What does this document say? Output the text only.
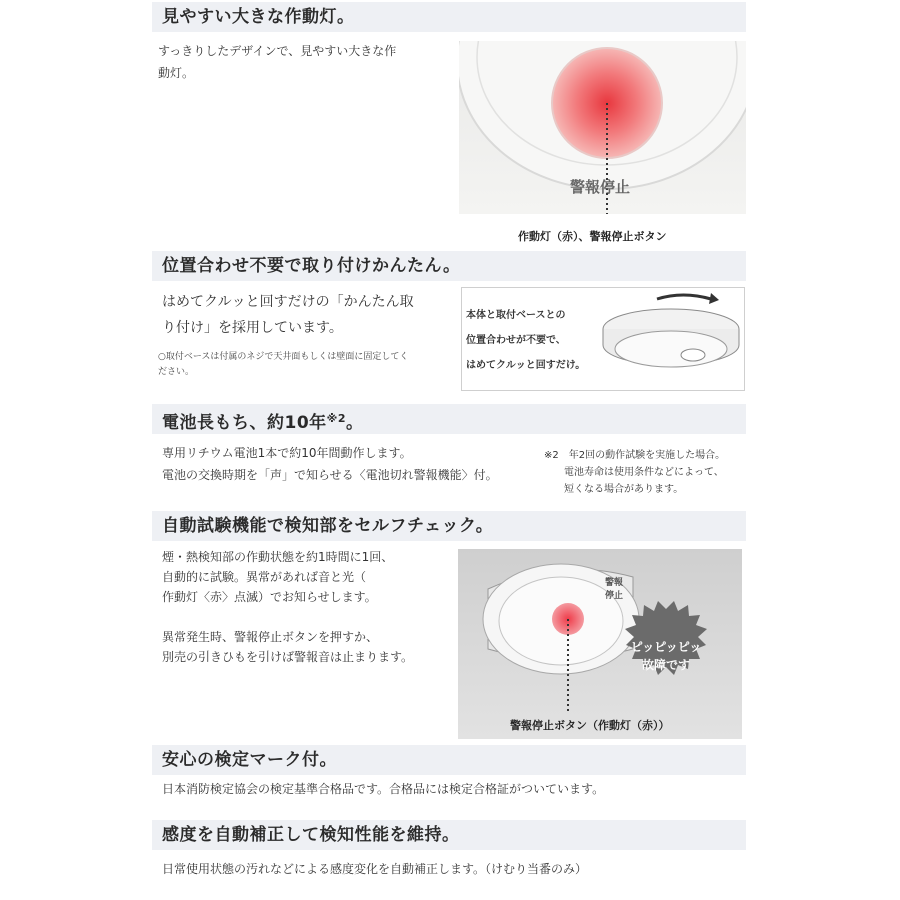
見やすい大きな作動灯。
すっきりしたデザインで、見やすい大きな作
動灯。
警報停止
作動灯（赤）、警報停止ボタン
位置合わせ不要で取り付けかんたん。
はめてクルッと回すだけの「かんたん取
り付け」を採用しています。
○取付ベースは付属のネジで天井面もしくは壁面に固定してく
ださい。
本体と取付ベースとの
位置合わせが不要で、
はめてクルッと回すだけ。
電池長もち、約10年$^{※2}$。
専用リチウム電池1本で約10年間動作します。
電池の交換時期を「声」で知らせる〈電池切れ警報機能〉付。
※2　年2回の動作試験を実施した場合。
　　電池寿命は使用条件などによって、
　　短くなる場合があります。
自動試験機能で検知部をセルフチェック。
煙・熱検知部の作動状態を約1時間に1回、
自動的に試験。異常があれば音と光（
作動灯〈赤〉点滅）でお知らせします。

異常発生時、警報停止ボタンを押すか、
別売の引きひもを引けば警報音は止まります。
警報停止
ピッピッピッ
故障です
警報停止ボタン（作動灯（赤））
安心の検定マーク付。
日本消防検定協会の検定基準合格品です。合格品には検定合格証がついています。
感度を自動補正して検知性能を維持。
日常使用状態の汚れなどによる感度変化を自動補正します。（けむり当番のみ）
